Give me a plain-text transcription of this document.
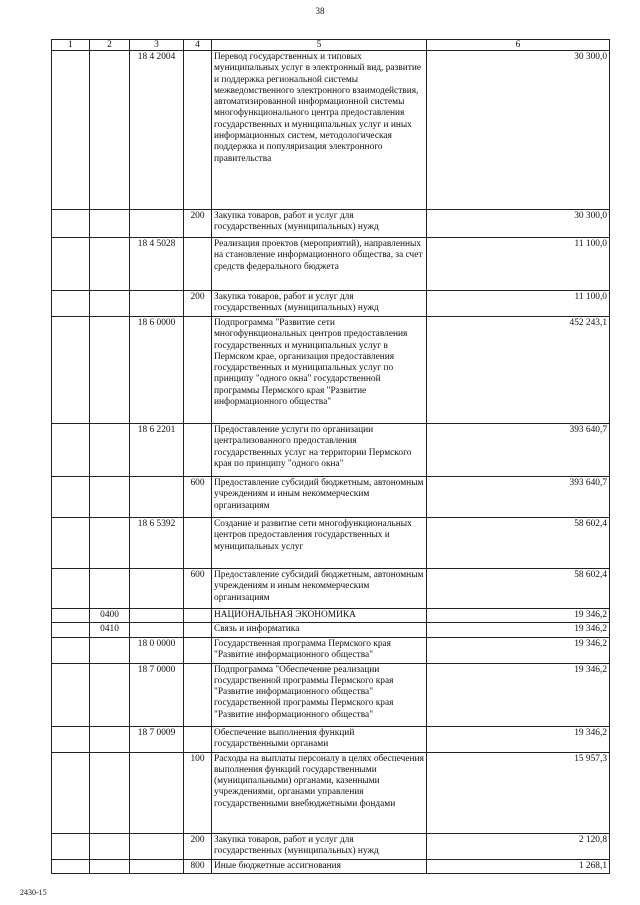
38
1	2	3	4	5	6
		18 4 2004		Перевод государственных и типовых муниципальных услуг в электронный вид, развитие и поддержка региональной системы межведомственного электронного взаимодействия, автоматизированной информационной системы многофункционального центра предоставления государственных и муниципальных услуг и иных информационных систем, методологическая поддержка и популяризация электронного правительства	30 300,0
			200	Закупка товаров, работ и услуг для государственных (муниципальных) нужд	30 300,0
		18 4 5028		Реализация проектов (мероприятий), направленных на становление информационного общества, за счет средств федерального бюджета	11 100,0
			200	Закупка товаров, работ и услуг для государственных (муниципальных) нужд	11 100,0
		18 6 0000		Подпрограмма "Развитие сети многофункциональных центров предоставления государственных и муниципальных услуг в Пермском крае, организация предоставления государственных и муниципальных услуг по принципу "одного окна" государственной программы Пермского края "Развитие информационного общества"	452 243,1
		18 6 2201		Предоставление услуги по организации централизованного предоставления государственных услуг на территории Пермского края по принципу "одного окна"	393 640,7
			600	Предоставление субсидий бюджетным, автономным учреждениям и иным некоммерческим организациям	393 640,7
		18 6 5392		Создание и развитие сети многофункциональных центров предоставления государственных и муниципальных услуг	58 602,4
			600	Предоставление субсидий бюджетным, автономным учреждениям и иным некоммерческим организациям	58 602,4
	0400			НАЦИОНАЛЬНАЯ ЭКОНОМИКА	19 346,2
	0410			Связь и информатика	19 346,2
		18 0 0000		Государственная программа Пермского края "Развитие информационного общества"	19 346,2
		18 7 0000		Подпрограмма "Обеспечение реализации государственной программы Пермского края "Развитие информационного общества" государственной программы Пермского края "Развитие информационного общества"	19 346,2
		18 7 0009		Обеспечение выполнения функций государственными органами	19 346,2
			100	Расходы на выплаты персоналу в целях обеспечения выполнения функций государственными (муниципальными) органами, казенными учреждениями, органами управления государственными внебюджетными фондами	15 957,3
			200	Закупка товаров, работ и услуг для государственных (муниципальных) нужд	2 120,8
			800	Иные бюджетные ассигнования	1 268,1
2430-15
